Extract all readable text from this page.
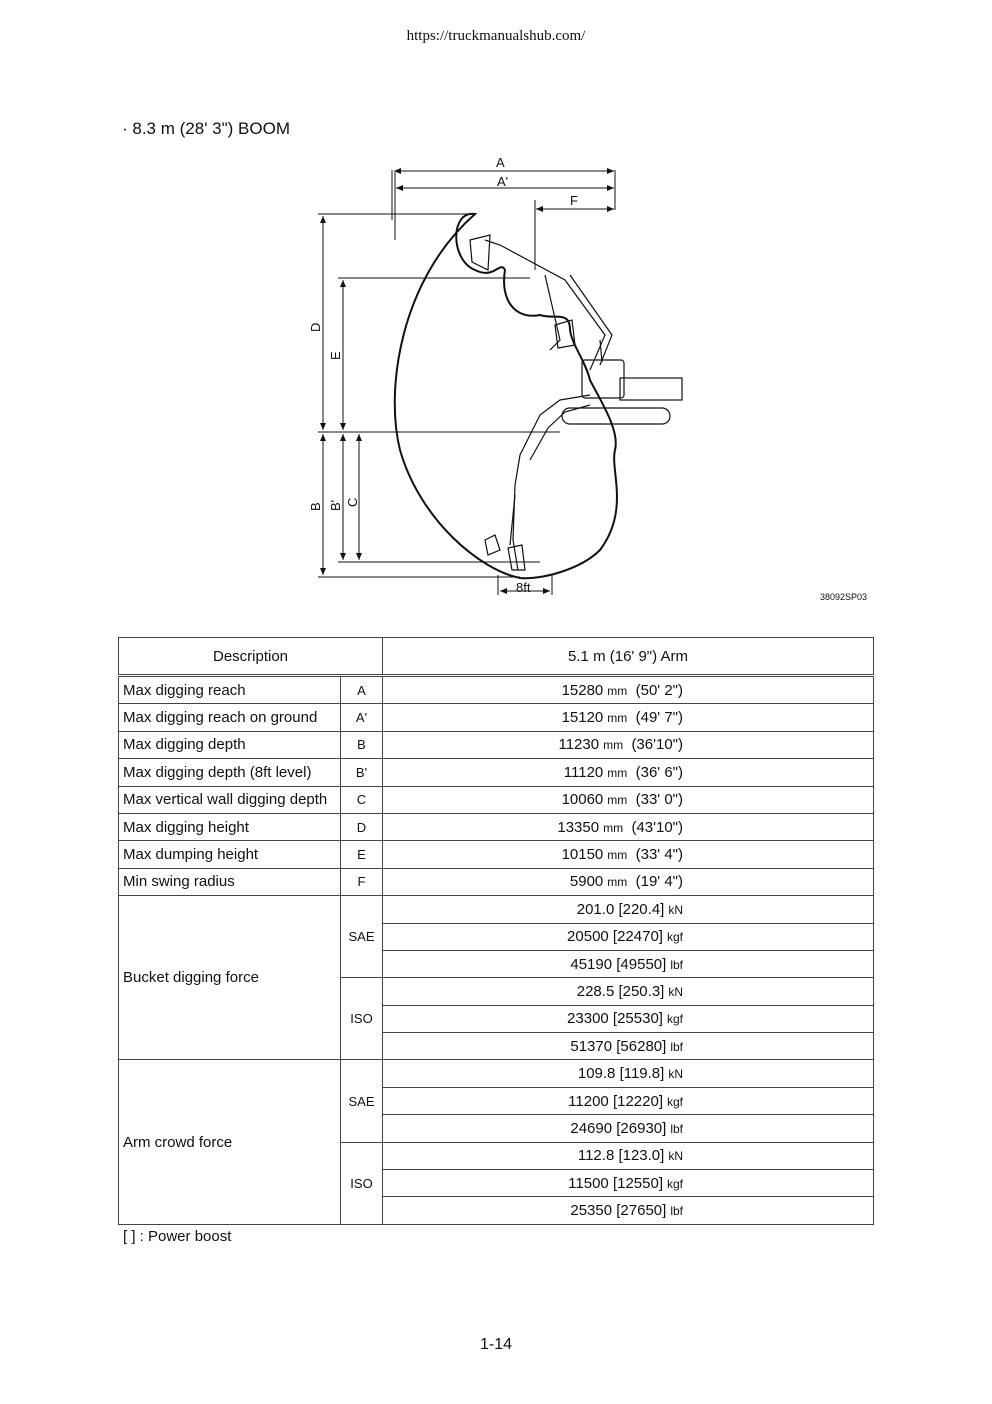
https://truckmanualshub.com/
· 8.3 m (28' 3") BOOM
A
A'
F
D
E
B B' C
8ft
38092SP03
Description		5.1 m (16' 9") Arm
Max digging reach	A	15280 mm (50' 2")
Max digging reach on ground	A'	15120 mm (49' 7")
Max digging depth	B	11230 mm (36'10")
Max digging depth (8ft level)	B'	11120 mm (36' 6")
Max vertical wall digging depth	C	10060 mm (33' 0")
Max digging height	D	13350 mm (43'10")
Max dumping height	E	10150 mm (33' 4")
Min swing radius	F	5900 mm (19' 4")
Bucket digging force	SAE	201.0 [220.4] kN
		20500 [22470] kgf
		45190 [49550] lbf
	ISO	228.5 [250.3] kN
		23300 [25530] kgf
		51370 [56280] lbf
Arm crowd force	SAE	109.8 [119.8] kN
		11200 [12220] kgf
		24690 [26930] lbf
	ISO	112.8 [123.0] kN
		11500 [12550] kgf
		25350 [27650] lbf
[ ] : Power boost
1-14
